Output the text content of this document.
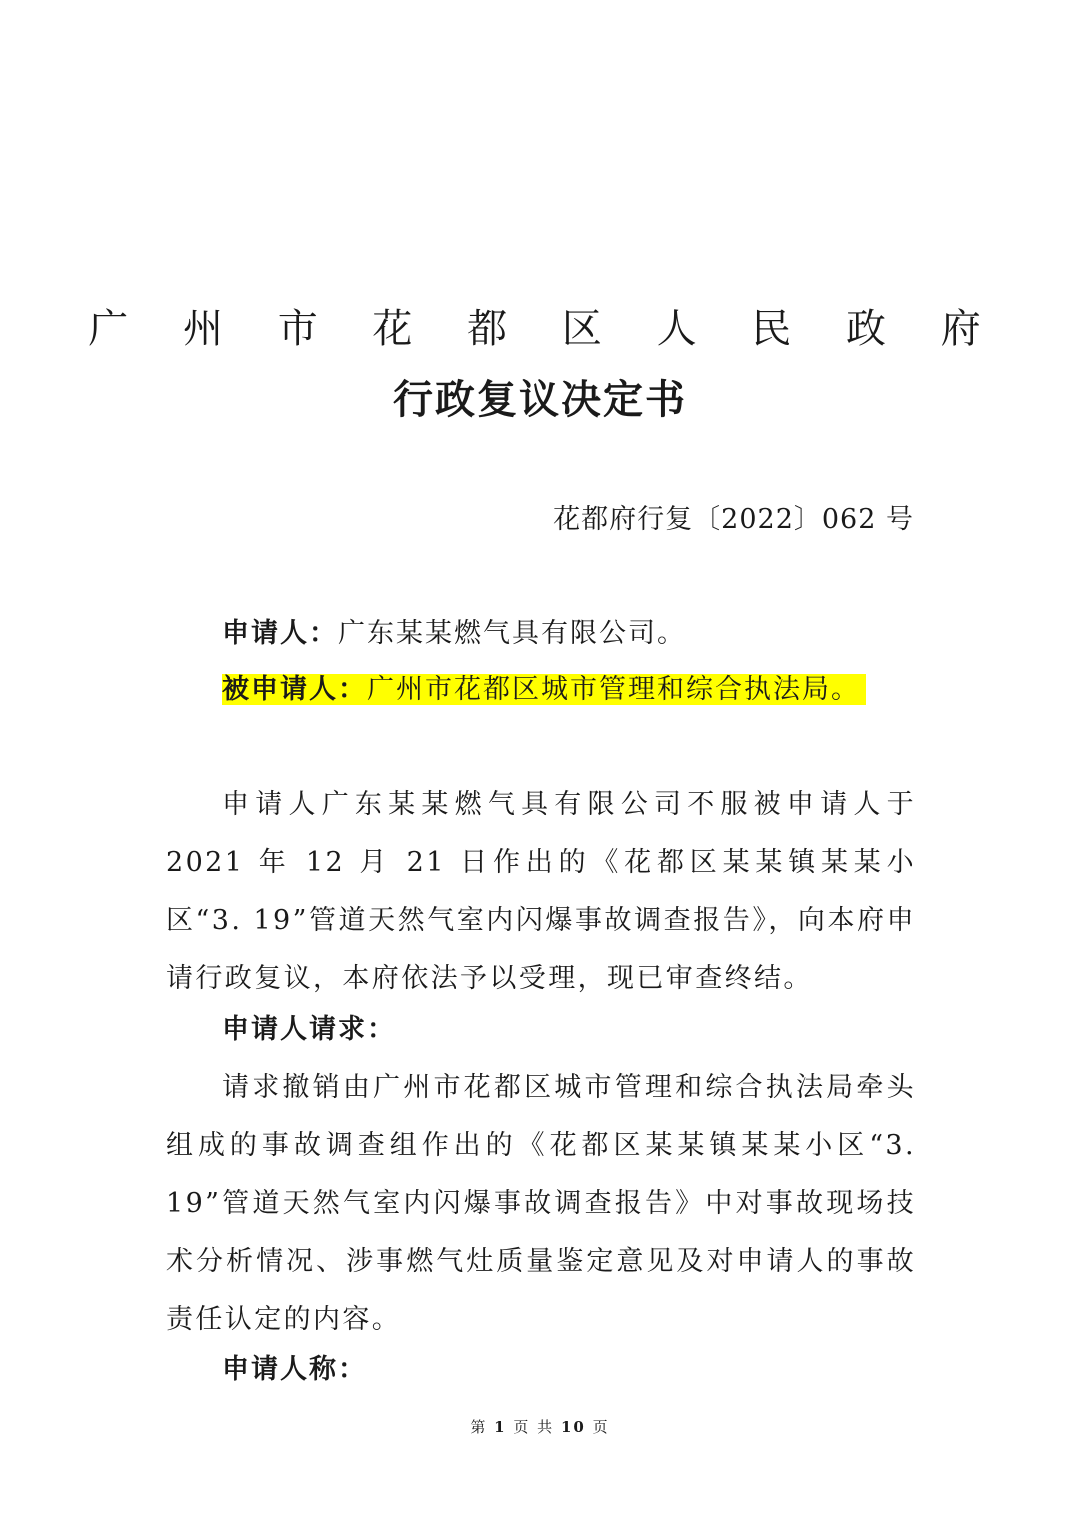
广 州 市 花 都 区 人 民 政 府
行政复议决定书
花都府行复〔2022〕062 号
申请人：广东某某燃气具有限公司。
被申请人：广州市花都区城市管理和综合执法局。

申请人广东某某燃气具有限公司不服被申请人于 2021 年 12 月 21 日作出的《花都区某某镇某某小区“3. 19”管道天然气室内闪爆事故调查报告》，向本府申请行政复议，本府依法予以受理，现已审查终结。

申请人请求：

请求撤销由广州市花都区城市管理和综合执法局牵头组成的事故调查组作出的《花都区某某镇某某小区“3. 19”管道天然气室内闪爆事故调查报告》中对事故现场技术分析情况、涉事燃气灶质量鉴定意见及对申请人的事故责任认定的内容。

申请人称：
第 1 页 共 10 页
